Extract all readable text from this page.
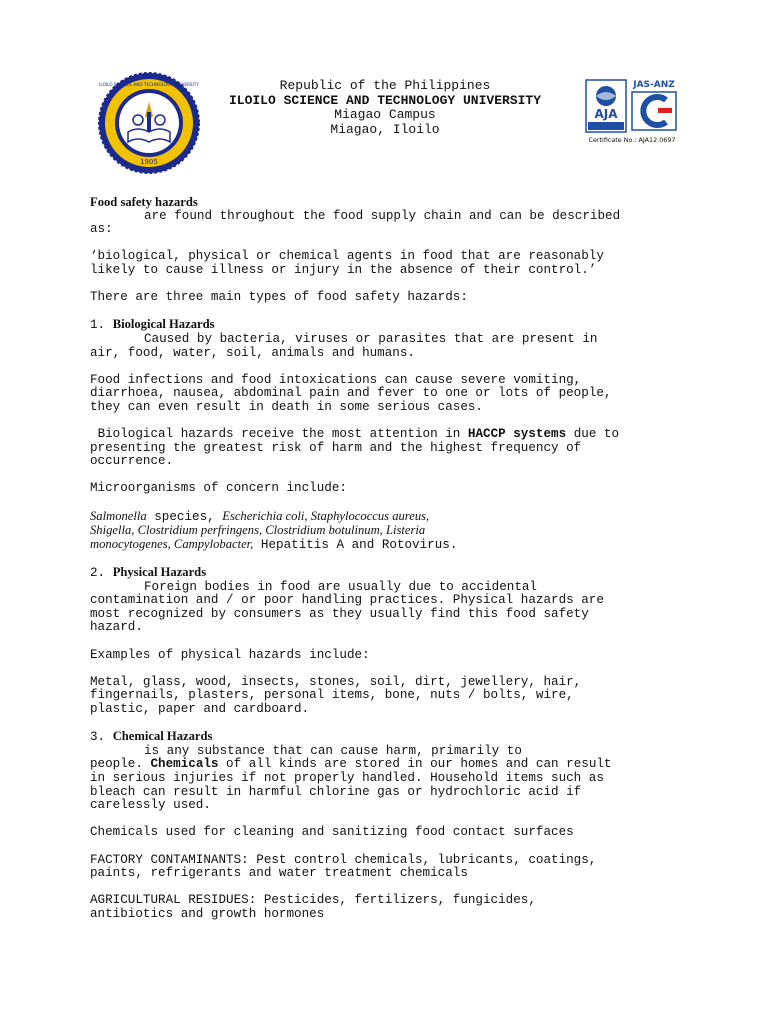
1905
ILOILO SCIENCE AND TECHNOLOGY UNIVERSITY	Republic of the Philippines
ILOILO SCIENCE AND TECHNOLOGY UNIVERSITY
Miagao Campus
Miagao, Iloilo
AJA
JAS-ANZ
Certificate No.: AJA12.0697

Food safety hazards

are found throughout the food supply chain and can be described

as:

‘biological, physical or chemical agents in food that are reasonably

likely to cause illness or injury in the absence of their control.’

There are three main types of food safety hazards:

1. Biological Hazards

Caused by bacteria, viruses or parasites that are present in

air, food, water, soil, animals and humans.

Food infections and food intoxications can cause severe vomiting,

diarrhoea, nausea, abdominal pain and fever to one or lots of people,

they can even result in death in some serious cases.

Biological hazards receive the most attention in HACCP systems due to

presenting the greatest risk of harm and the highest frequency of

occurrence.

Microorganisms of concern include:

Salmonella species, Escherichia coli, Staphylococcus aureus,

Shigella, Clostridium perfringens, Clostridium botulinum, Listeria

monocytogenes, Campylobacter, Hepatitis A and Rotovirus.

2. Physical Hazards

Foreign bodies in food are usually due to accidental

contamination and / or poor handling practices. Physical hazards are

most recognized by consumers as they usually find this food safety

hazard.

Examples of physical hazards include:

Metal, glass, wood, insects, stones, soil, dirt, jewellery, hair,

fingernails, plasters, personal items, bone, nuts / bolts, wire,

plastic, paper and cardboard.

3. Chemical Hazards

is any substance that can cause harm, primarily to

people. Chemicals of all kinds are stored in our homes and can result

in serious injuries if not properly handled. Household items such as

bleach can result in harmful chlorine gas or hydrochloric acid if

carelessly used.

Chemicals used for cleaning and sanitizing food contact surfaces

FACTORY CONTAMINANTS: Pest control chemicals, lubricants, coatings,

paints, refrigerants and water treatment chemicals

AGRICULTURAL RESIDUES: Pesticides, fertilizers, fungicides,

antibiotics and growth hormones
